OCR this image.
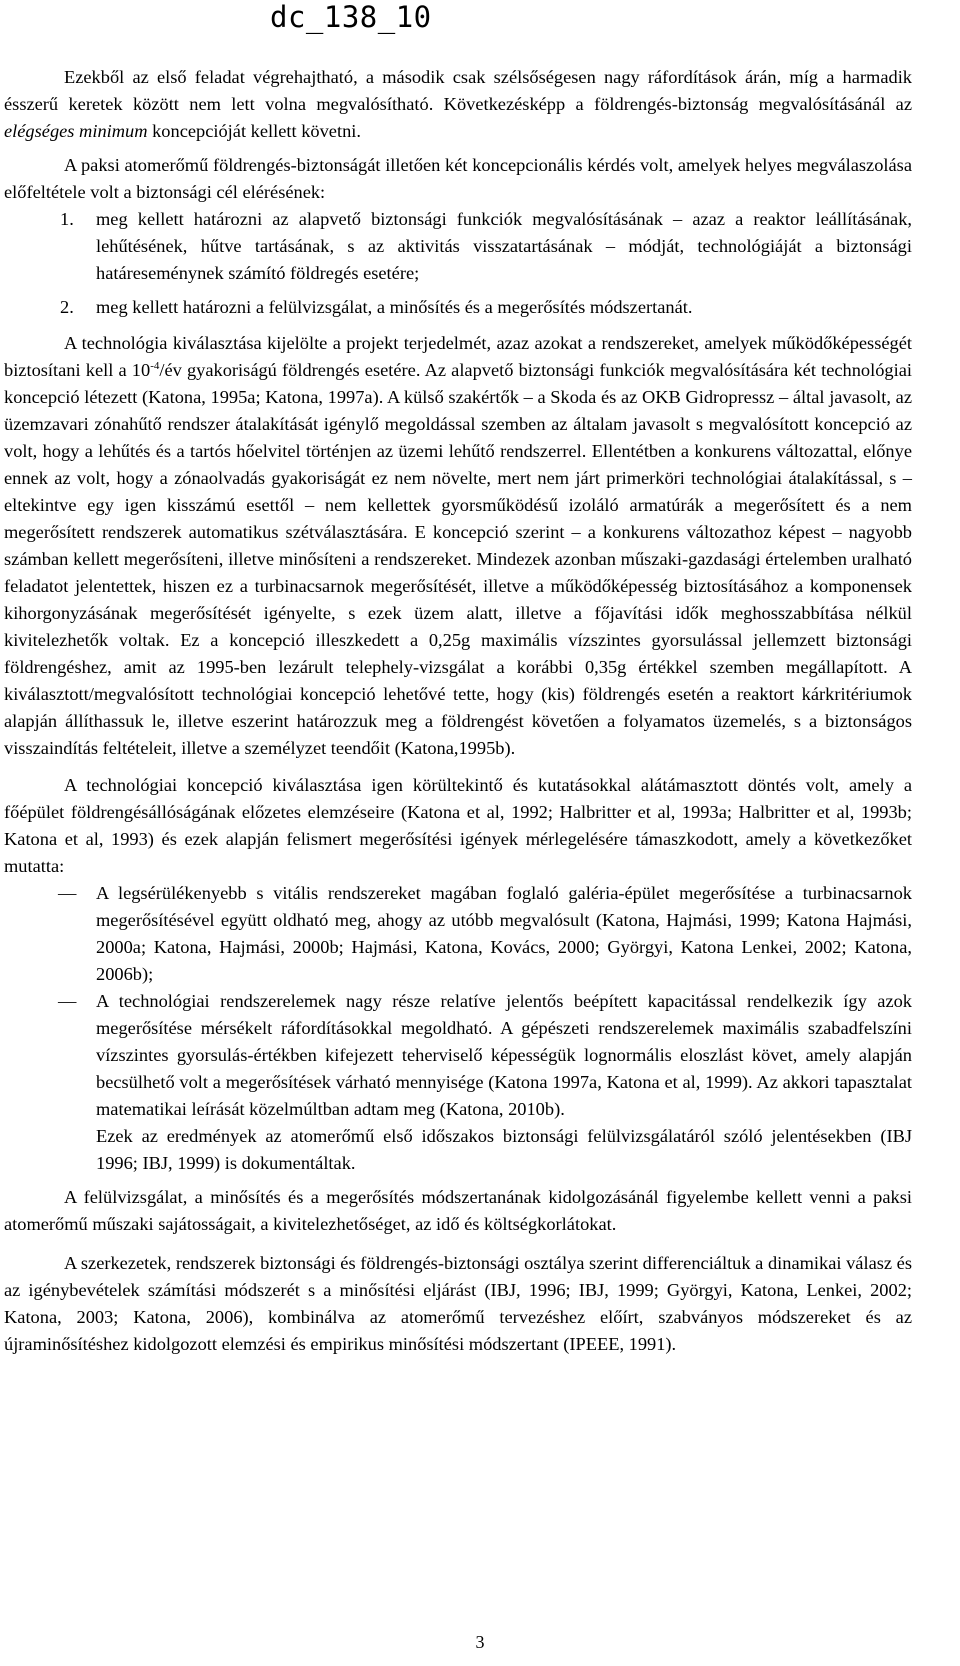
dc_138_10

Ezekből az első feladat végrehajtható, a második csak szélsőségesen nagy ráfordítások árán, míg a harmadik ésszerű keretek között nem lett volna megvalósítható. Következésképp a földrengés-biztonság megvalósításánál az elégséges minimum koncepcióját kellett követni.

A paksi atomerőmű földrengés-biztonságát illetően két koncepcionális kérdés volt, amelyek helyes megválaszolása előfeltétele volt a biztonsági cél elérésének:

1. meg kellett határozni az alapvető biztonsági funkciók megvalósításának – azaz a reaktor leállításának, lehűtésének, hűtve tartásának, s az aktivitás visszatartásának – módját, technológiáját a biztonsági határeseménynek számító földregés esetére;

2. meg kellett határozni a felülvizsgálat, a minősítés és a megerősítés módszertanát.

A technológia kiválasztása kijelölte a projekt terjedelmét, azaz azokat a rendszereket, amelyek működőképességét biztosítani kell a $10^{-4}/év$ gyakoriságú földrengés esetére. Az alapvető biztonsági funkciók megvalósítására két technológiai koncepció létezett (Katona, 1995a; Katona, 1997a). A külső szakértők – a Skoda és az OKB Gidropressz – által javasolt, az üzemzavari zónahűtő rendszer átalakítását igénylő megoldással szemben az általam javasolt s megvalósított koncepció az volt, hogy a lehűtés és a tartós hőelvitel történjen az üzemi lehűtő rendszerrel. Ellentétben a konkurens változattal, előnye ennek az volt, hogy a zónaolvadás gyakoriságát ez nem növelte, mert nem járt primerköri technológiai átalakítással, s – eltekintve egy igen kisszámú esettől – nem kellettek gyorsműködésű izoláló armatúrák a megerősített és a nem megerősített rendszerek automatikus szétválasztására. E koncepció szerint – a konkurens változathoz képest – nagyobb számban kellett megerősíteni, illetve minősíteni a rendszereket. Mindezek azonban műszaki-gazdasági értelemben uralható feladatot jelentettek, hiszen ez a turbinacsarnok megerősítését, illetve a működőképesség biztosításához a komponensek kihorgonyzásának megerősítését igényelte, s ezek üzem alatt, illetve a főjavítási idők meghosszabbítása nélkül kivitelezhetők voltak. Ez a koncepció illeszkedett a 0,25g maximális vízszintes gyorsulással jellemzett biztonsági földrengéshez, amit az 1995-ben lezárult telephely-vizsgálat a korábbi 0,35g értékkel szemben megállapított. A kiválasztott/megvalósított technológiai koncepció lehetővé tette, hogy (kis) földrengés esetén a reaktort kárkritériumok alapján állíthassuk le, illetve eszerint határozzuk meg a földrengést követően a folyamatos üzemelés, s a biztonságos visszaindítás feltételeit, illetve a személyzet teendőit (Katona,1995b).

A technológiai koncepció kiválasztása igen körültekintő és kutatásokkal alátámasztott döntés volt, amely a főépület földrengésállóságának előzetes elemzéseire (Katona et al, 1992; Halbritter et al, 1993a; Halbritter et al, 1993b; Katona et al, 1993) és ezek alapján felismert megerősítési igények mérlegelésére támaszkodott, amely a következőket mutatta:

— A legsérülékenyebb s vitális rendszereket magában foglaló galéria-épület megerősítése a turbinacsarnok megerősítésével együtt oldható meg, ahogy az utóbb megvalósult (Katona, Hajmási, 1999; Katona Hajmási, 2000a; Katona, Hajmási, 2000b; Hajmási, Katona, Kovács, 2000; Györgyi, Katona Lenkei, 2002; Katona, 2006b);

— A technológiai rendszerelemek nagy része relatíve jelentős beépített kapacitással rendelkezik így azok megerősítése mérsékelt ráfordításokkal megoldható. A gépészeti rendszerelemek maximális szabadfelszíni vízszintes gyorsulás-értékben kifejezett teherviselő képességük lognormális eloszlást követ, amely alapján becsülhető volt a megerősítések várható mennyisége (Katona 1997a, Katona et al, 1999). Az akkori tapasztalat matematikai leírását közelmúltban adtam meg (Katona, 2010b).

Ezek az eredmények az atomerőmű első időszakos biztonsági felülvizsgálatáról szóló jelentésekben (IBJ 1996; IBJ, 1999) is dokumentáltak.

A felülvizsgálat, a minősítés és a megerősítés módszertanának kidolgozásánál figyelembe kellett venni a paksi atomerőmű műszaki sajátosságait, a kivitelezhetőséget, az idő és költségkorlátokat.

A szerkezetek, rendszerek biztonsági és földrengés-biztonsági osztálya szerint differenciáltuk a dinamikai válasz és az igénybevételek számítási módszerét s a minősítési eljárást (IBJ, 1996; IBJ, 1999; Györgyi, Katona, Lenkei, 2002; Katona, 2003; Katona, 2006), kombinálva az atomerőmű tervezéshez előírt, szabványos módszereket és az újraminősítéshez kidolgozott elemzési és empirikus minősítési módszertant (IPEEE, 1991).

3
